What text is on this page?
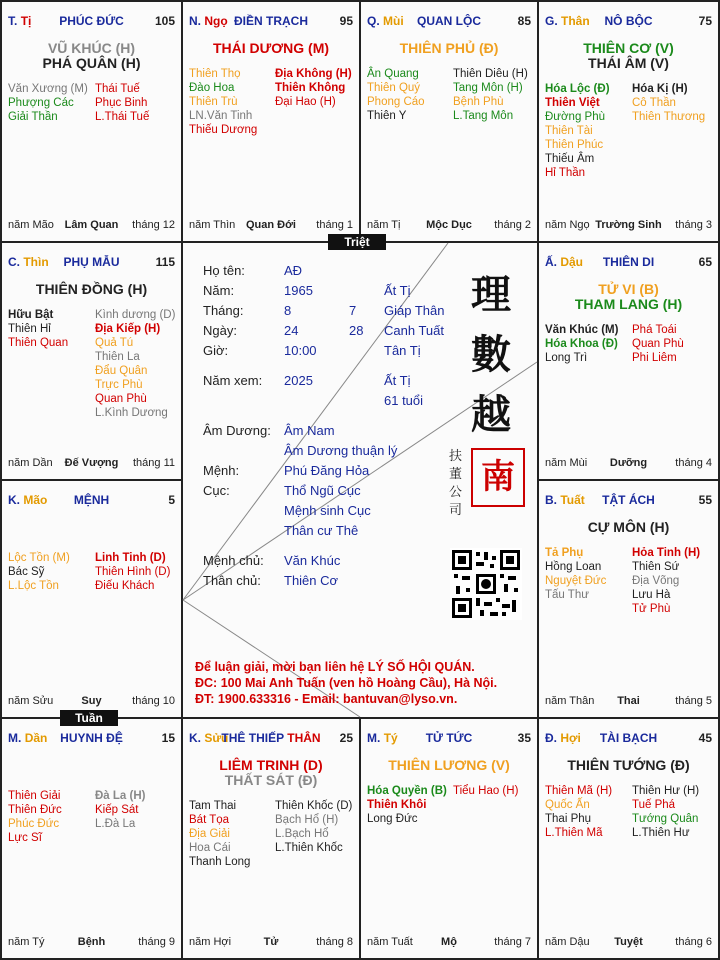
PHÚC ĐỨC
T. Tị	105
VŨ KHÚC (H)
PHÁ QUÂN (H)
Văn Xương (M)
Phượng Các
Giải Thần
Thái Tuế
Phục Binh
L.Thái Tuế
Lâm Quan
năm Mão	tháng 12
ĐIỀN TRẠCH
N. Ngọ	95
THÁI DƯƠNG (M)
Thiên Thọ
Đào Hoa
Thiên Trù
LN.Văn Tinh
Thiếu Dương
Địa Không (H)
Thiên Không
Đại Hao (H)
Quan Đới
năm Thìn	tháng 1
QUAN LỘC
Q. Mùi	85
THIÊN PHỦ (Đ)
Ân Quang
Thiên Quý
Phong Cáo
Thiên Y
Thiên Diêu (H)
Tang Môn (H)
Bệnh Phù
L.Tang Môn
Mộc Dục
năm Tị	tháng 2
NÔ BỘC
G. Thân	75
THIÊN CƠ (V)
THÁI ÂM (V)
Hóa Lộc (Đ)
Thiên Việt
Đường Phù
Thiên Tài
Thiên Phúc
Thiếu Âm
Hỉ Thần
Hóa Kị (H)
Cô Thần
Thiên Thương
Trường Sinh
năm Ngọ	tháng 3
PHỤ MẪU
C. Thìn	115
THIÊN ĐỒNG (H)
Hữu Bật
Thiên Hỉ
Thiên Quan
Kình dương (D)
Địa Kiếp (H)
Quả Tú
Thiên La
Đẩu Quân
Trực Phù
Quan Phù
L.Kình Dương
Đế Vượng
năm Dần	tháng 11
THIÊN DI
Ấ. Dậu	65
TỬ VI (B)
THAM LANG (H)
Văn Khúc (M)
Hóa Khoa (Đ)
Long Trì
Phá Toái
Quan Phù
Phi Liêm
Dưỡng
năm Mùi	tháng 4
MỆNH
K. Mão	5
Lộc Tồn (M)
Bác Sỹ
L.Lộc Tồn
Linh Tinh (D)
Thiên Hình (D)
Điếu Khách
Suy
năm Sửu	tháng 10
TẬT ÁCH
B. Tuất	55
CỰ MÔN (H)
Tả Phụ
Hồng Loan
Nguyệt Đức
Tấu Thư
Hỏa Tinh (H)
Thiên Sứ
Địa Võng
Lưu Hà
Tử Phù
Thai
năm Thân	tháng 5
HUYNH ĐỆ
M. Dần	15
Thiên Giải
Thiên Đức
Phúc Đức
Lực Sĩ
Đà La (H)
Kiếp Sát
L.Đà La
Bệnh
năm Tý	tháng 9
THÊ THIẾP THÂN
K. Sửu	25
LIÊM TRINH (D)
THẤT SÁT (Đ)
Tam Thai
Bát Tọa
Địa Giải
Hoa Cái
Thanh Long
Thiên Khốc (D)
Bạch Hổ (H)
L.Bạch Hổ
L.Thiên Khốc
Tử
năm Hợi	tháng 8
TỬ TỨC
M. Tý	35
THIÊN LƯƠNG (V)
Hóa Quyền (B)
Thiên Khôi
Long Đức
Tiểu Hao (H)
Mộ
năm Tuất	tháng 7
TÀI BẠCH
Đ. Hợi	45
THIÊN TƯỚNG (Đ)
Thiên Mã (H)
Quốc Ấn
Thai Phụ
L.Thiên Mã
Thiên Hư (H)
Tuế Phá
Tướng Quân
L.Thiên Hư
Tuyệt
năm Dậu	tháng 6
Triệt
Tuần
Họ tên:	AĐ
Năm:	1965	Ất Tị
Tháng:	8	7 Giáp Thân
Ngày:	24	28 Canh Tuất
Giờ:	10:00	Tân Tị
Năm xem: 2025	Ất Tị
61 tuổi
Âm Dương: Âm Nam
Âm Dương thuận lý
Mệnh:	Phú Đăng Hỏa
Cục:	Thổ Ngũ Cục
Mệnh sinh Cục
Thân cư Thê
Mệnh chủ: Văn Khúc
Thân chủ: Thiên Cơ
理
數
越
南
扶
董
公
司
Để luận giải, mời bạn liên hệ LÝ SỐ HỘI QUÁN.
ĐC: 100 Mai Anh Tuấn (ven hồ Hoàng Cầu), Hà Nội.
ĐT: 1900.633316 - Email: bantuvan@lyso.vn.
